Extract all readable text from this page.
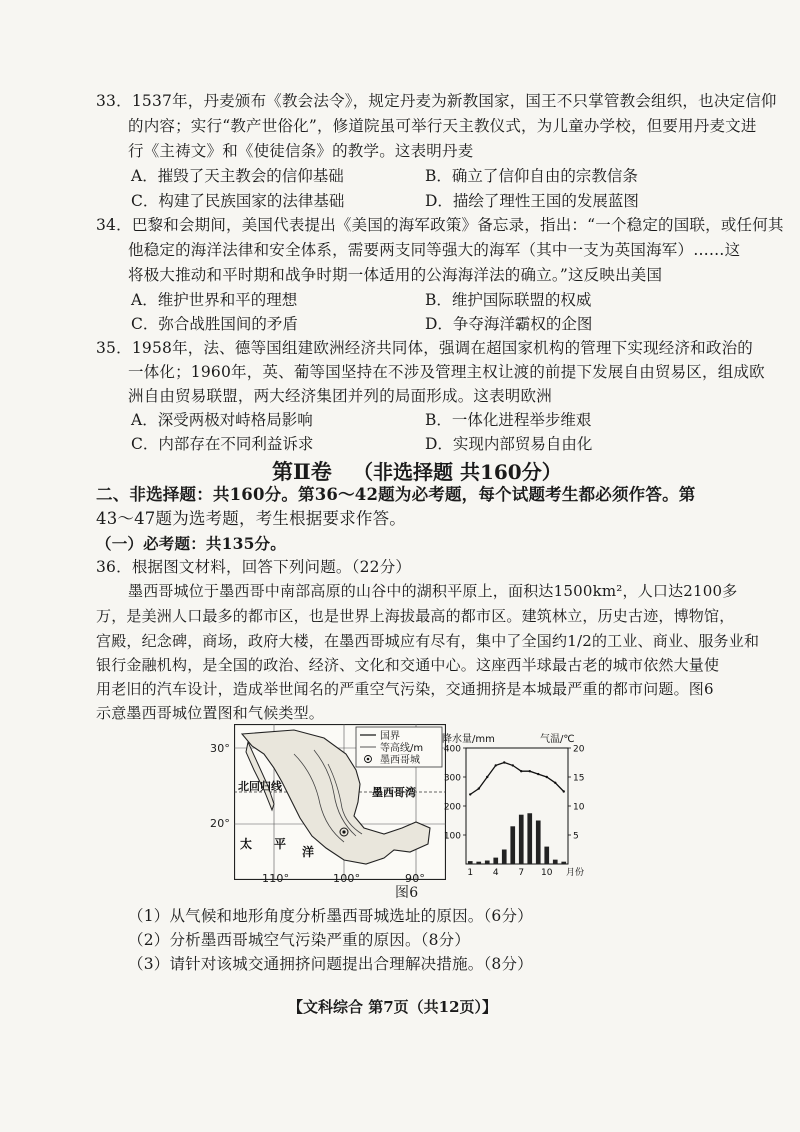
33．1537年，丹麦颁布《教会法令》，规定丹麦为新教国家，国王不只掌管教会组织，也决定信仰
的内容；实行“教产世俗化”，修道院虽可举行天主教仪式，为儿童办学校，但要用丹麦文进
行《主祷文》和《使徒信条》的教学。这表明丹麦
A．摧毁了天主教会的信仰基础	B．确立了信仰自由的宗教信条
C．构建了民族国家的法律基础	D．描绘了理性王国的发展蓝图
34．巴黎和会期间，美国代表提出《美国的海军政策》备忘录，指出：“一个稳定的国联，或任何其
他稳定的海洋法律和安全体系，需要两支同等强大的海军（其中一支为英国海军）……这
将极大推动和平时期和战争时期一体适用的公海海洋法的确立。”这反映出美国
A．维护世界和平的理想	B．维护国际联盟的权威
C．弥合战胜国间的矛盾	D．争夺海洋霸权的企图
35．1958年，法、德等国组建欧洲经济共同体，强调在超国家机构的管理下实现经济和政治的
一体化；1960年，英、葡等国坚持在不涉及管理主权让渡的前提下发展自由贸易区，组成欧
洲自由贸易联盟，两大经济集团并列的局面形成。这表明欧洲
A．深受两极对峙格局影响	B．一体化进程举步维艰
C．内部存在不同利益诉求	D．实现内部贸易自由化
第Ⅱ卷 （非选择题 共160分）
二、非选择题：共160分。第36～42题为必考题，每个试题考生都必须作答。第
43～47题为选考题，考生根据要求作答。
（一）必考题：共135分。
36．根据图文材料，回答下列问题。（22分）
墨西哥城位于墨西哥中南部高原的山谷中的湖积平原上，面积达1500km²，人口达2100多
万，是美洲人口最多的都市区，也是世界上海拔最高的都市区。建筑林立，历史古迹，博物馆，
宫殿，纪念碑，商场，政府大楼，在墨西哥城应有尽有，集中了全国约1/2的工业、商业、服务业和
银行金融机构，是全国的政治、经济、文化和交通中心。这座西半球最古老的城市依然大量使
用老旧的汽车设计，造成举世闻名的严重空气污染，交通拥挤是本城最严重的都市问题。图6
示意墨西哥城位置图和气候类型。
国界
等高线/m
墨西哥城
墨西哥湾
北回归线
太 平
洋
30°
20°
110°	100°	90°
降水量/mm	气温/℃
100
200
300
400
5
10
15
20
1 4 7 10 月份
图6
（1）从气候和地形角度分析墨西哥城选址的原因。（6分）
（2）分析墨西哥城空气污染严重的原因。（8分）
（3）请针对该城交通拥挤问题提出合理解决措施。（8分）
【文科综合 第7页（共12页）】
